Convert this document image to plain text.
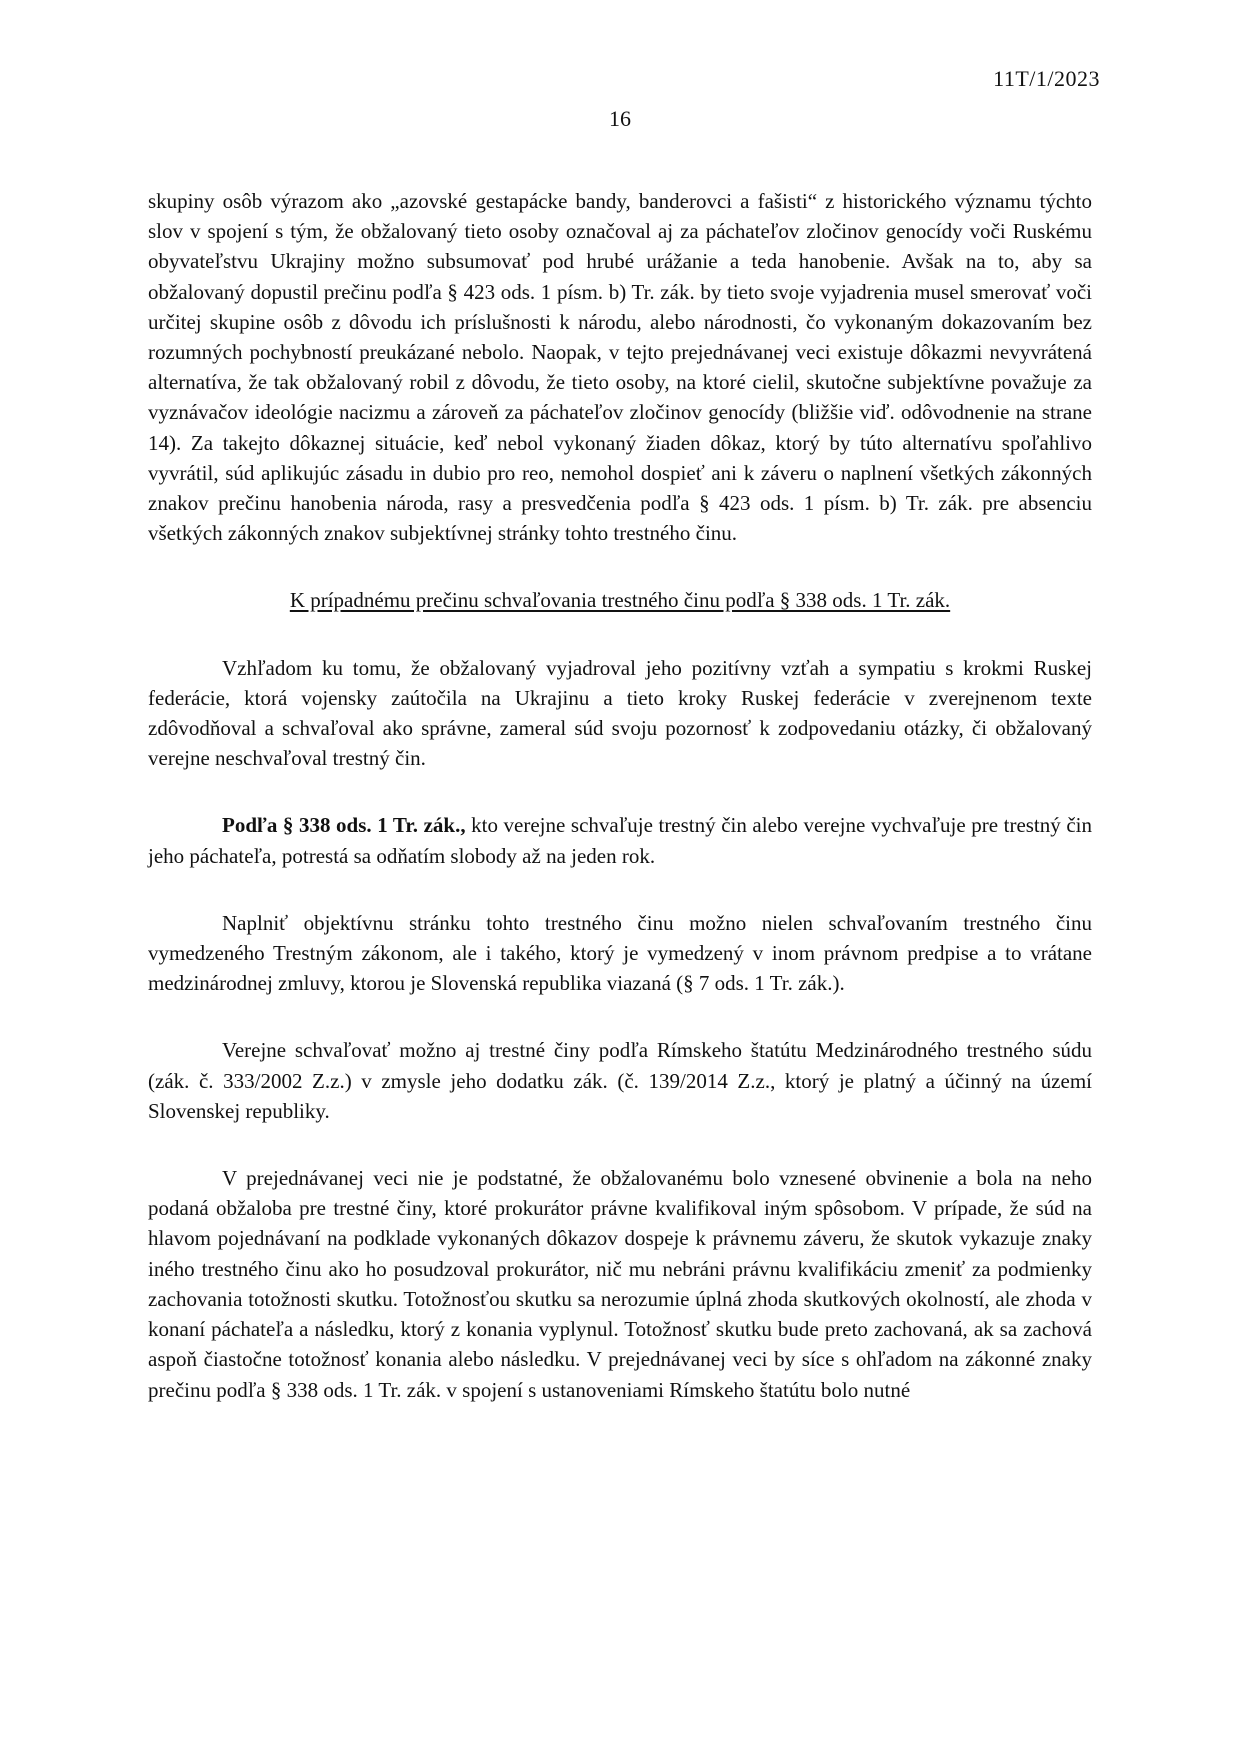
11T/1/2023
16

skupiny osôb výrazom ako „azovské gestapácke bandy, banderovci a fašisti“ z historického významu týchto slov v spojení s tým, že obžalovaný tieto osoby označoval aj za páchateľov zločinov genocídy voči Ruskému obyvateľstvu Ukrajiny možno subsumovať pod hrubé urážanie a teda hanobenie. Avšak na to, aby sa obžalovaný dopustil prečinu podľa § 423 ods. 1 písm. b) Tr. zák. by tieto svoje vyjadrenia musel smerovať voči určitej skupine osôb z dôvodu ich príslušnosti k národu, alebo národnosti, čo vykonaným dokazovaním bez rozumných pochybností preukázané nebolo. Naopak, v tejto prejednávanej veci existuje dôkazmi nevyvrátená alternatíva, že tak obžalovaný robil z dôvodu, že tieto osoby, na ktoré cielil, skutočne subjektívne považuje za vyznávačov ideológie nacizmu a zároveň za páchateľov zločinov genocídy (bližšie viď. odôvodnenie na strane 14). Za takejto dôkaznej situácie, keď nebol vykonaný žiaden dôkaz, ktorý by túto alternatívu spoľahlivo vyvrátil, súd aplikujúc zásadu in dubio pro reo, nemohol dospieť ani k záveru o naplnení všetkých zákonných znakov prečinu hanobenia národa, rasy a presvedčenia podľa § 423 ods. 1 písm. b) Tr. zák. pre absenciu všetkých zákonných znakov subjektívnej stránky tohto trestného činu.

K prípadnému prečinu schvaľovania trestného činu podľa § 338 ods. 1 Tr. zák.

Vzhľadom ku tomu, že obžalovaný vyjadroval jeho pozitívny vzťah a sympatiu s krokmi Ruskej federácie, ktorá vojensky zaútočila na Ukrajinu a tieto kroky Ruskej federácie v zverejnenom texte zdôvodňoval a schvaľoval ako správne, zameral súd svoju pozornosť k zodpovedaniu otázky, či obžalovaný verejne neschvaľoval trestný čin.

Podľa § 338 ods. 1 Tr. zák., kto verejne schvaľuje trestný čin alebo verejne vychvaľuje pre trestný čin jeho páchateľa, potrestá sa odňatím slobody až na jeden rok.

Naplniť objektívnu stránku tohto trestného činu možno nielen schvaľovaním trestného činu vymedzeného Trestným zákonom, ale i takého, ktorý je vymedzený v inom právnom predpise a to vrátane medzinárodnej zmluvy, ktorou je Slovenská republika viazaná (§ 7 ods. 1 Tr. zák.).

Verejne schvaľovať možno aj trestné činy podľa Rímskeho štatútu Medzinárodného trestného súdu (zák. č. 333/2002 Z.z.) v zmysle jeho dodatku zák. (č. 139/2014 Z.z., ktorý je platný a účinný na území Slovenskej republiky.

V prejednávanej veci nie je podstatné, že obžalovanému bolo vznesené obvinenie a bola na neho podaná obžaloba pre trestné činy, ktoré prokurátor právne kvalifikoval iným spôsobom. V prípade, že súd na hlavom pojednávaní na podklade vykonaných dôkazov dospeje k právnemu záveru, že skutok vykazuje znaky iného trestného činu ako ho posudzoval prokurátor, nič mu nebráni právnu kvalifikáciu zmeniť za podmienky zachovania totožnosti skutku. Totožnosťou skutku sa nerozumie úplná zhoda skutkových okolností, ale zhoda v konaní páchateľa a následku, ktorý z konania vyplynul. Totožnosť skutku bude preto zachovaná, ak sa zachová aspoň čiastočne totožnosť konania alebo následku. V prejednávanej veci by síce s ohľadom na zákonné znaky prečinu podľa § 338 ods. 1 Tr. zák. v spojení s ustanoveniami Rímskeho štatútu bolo nutné
